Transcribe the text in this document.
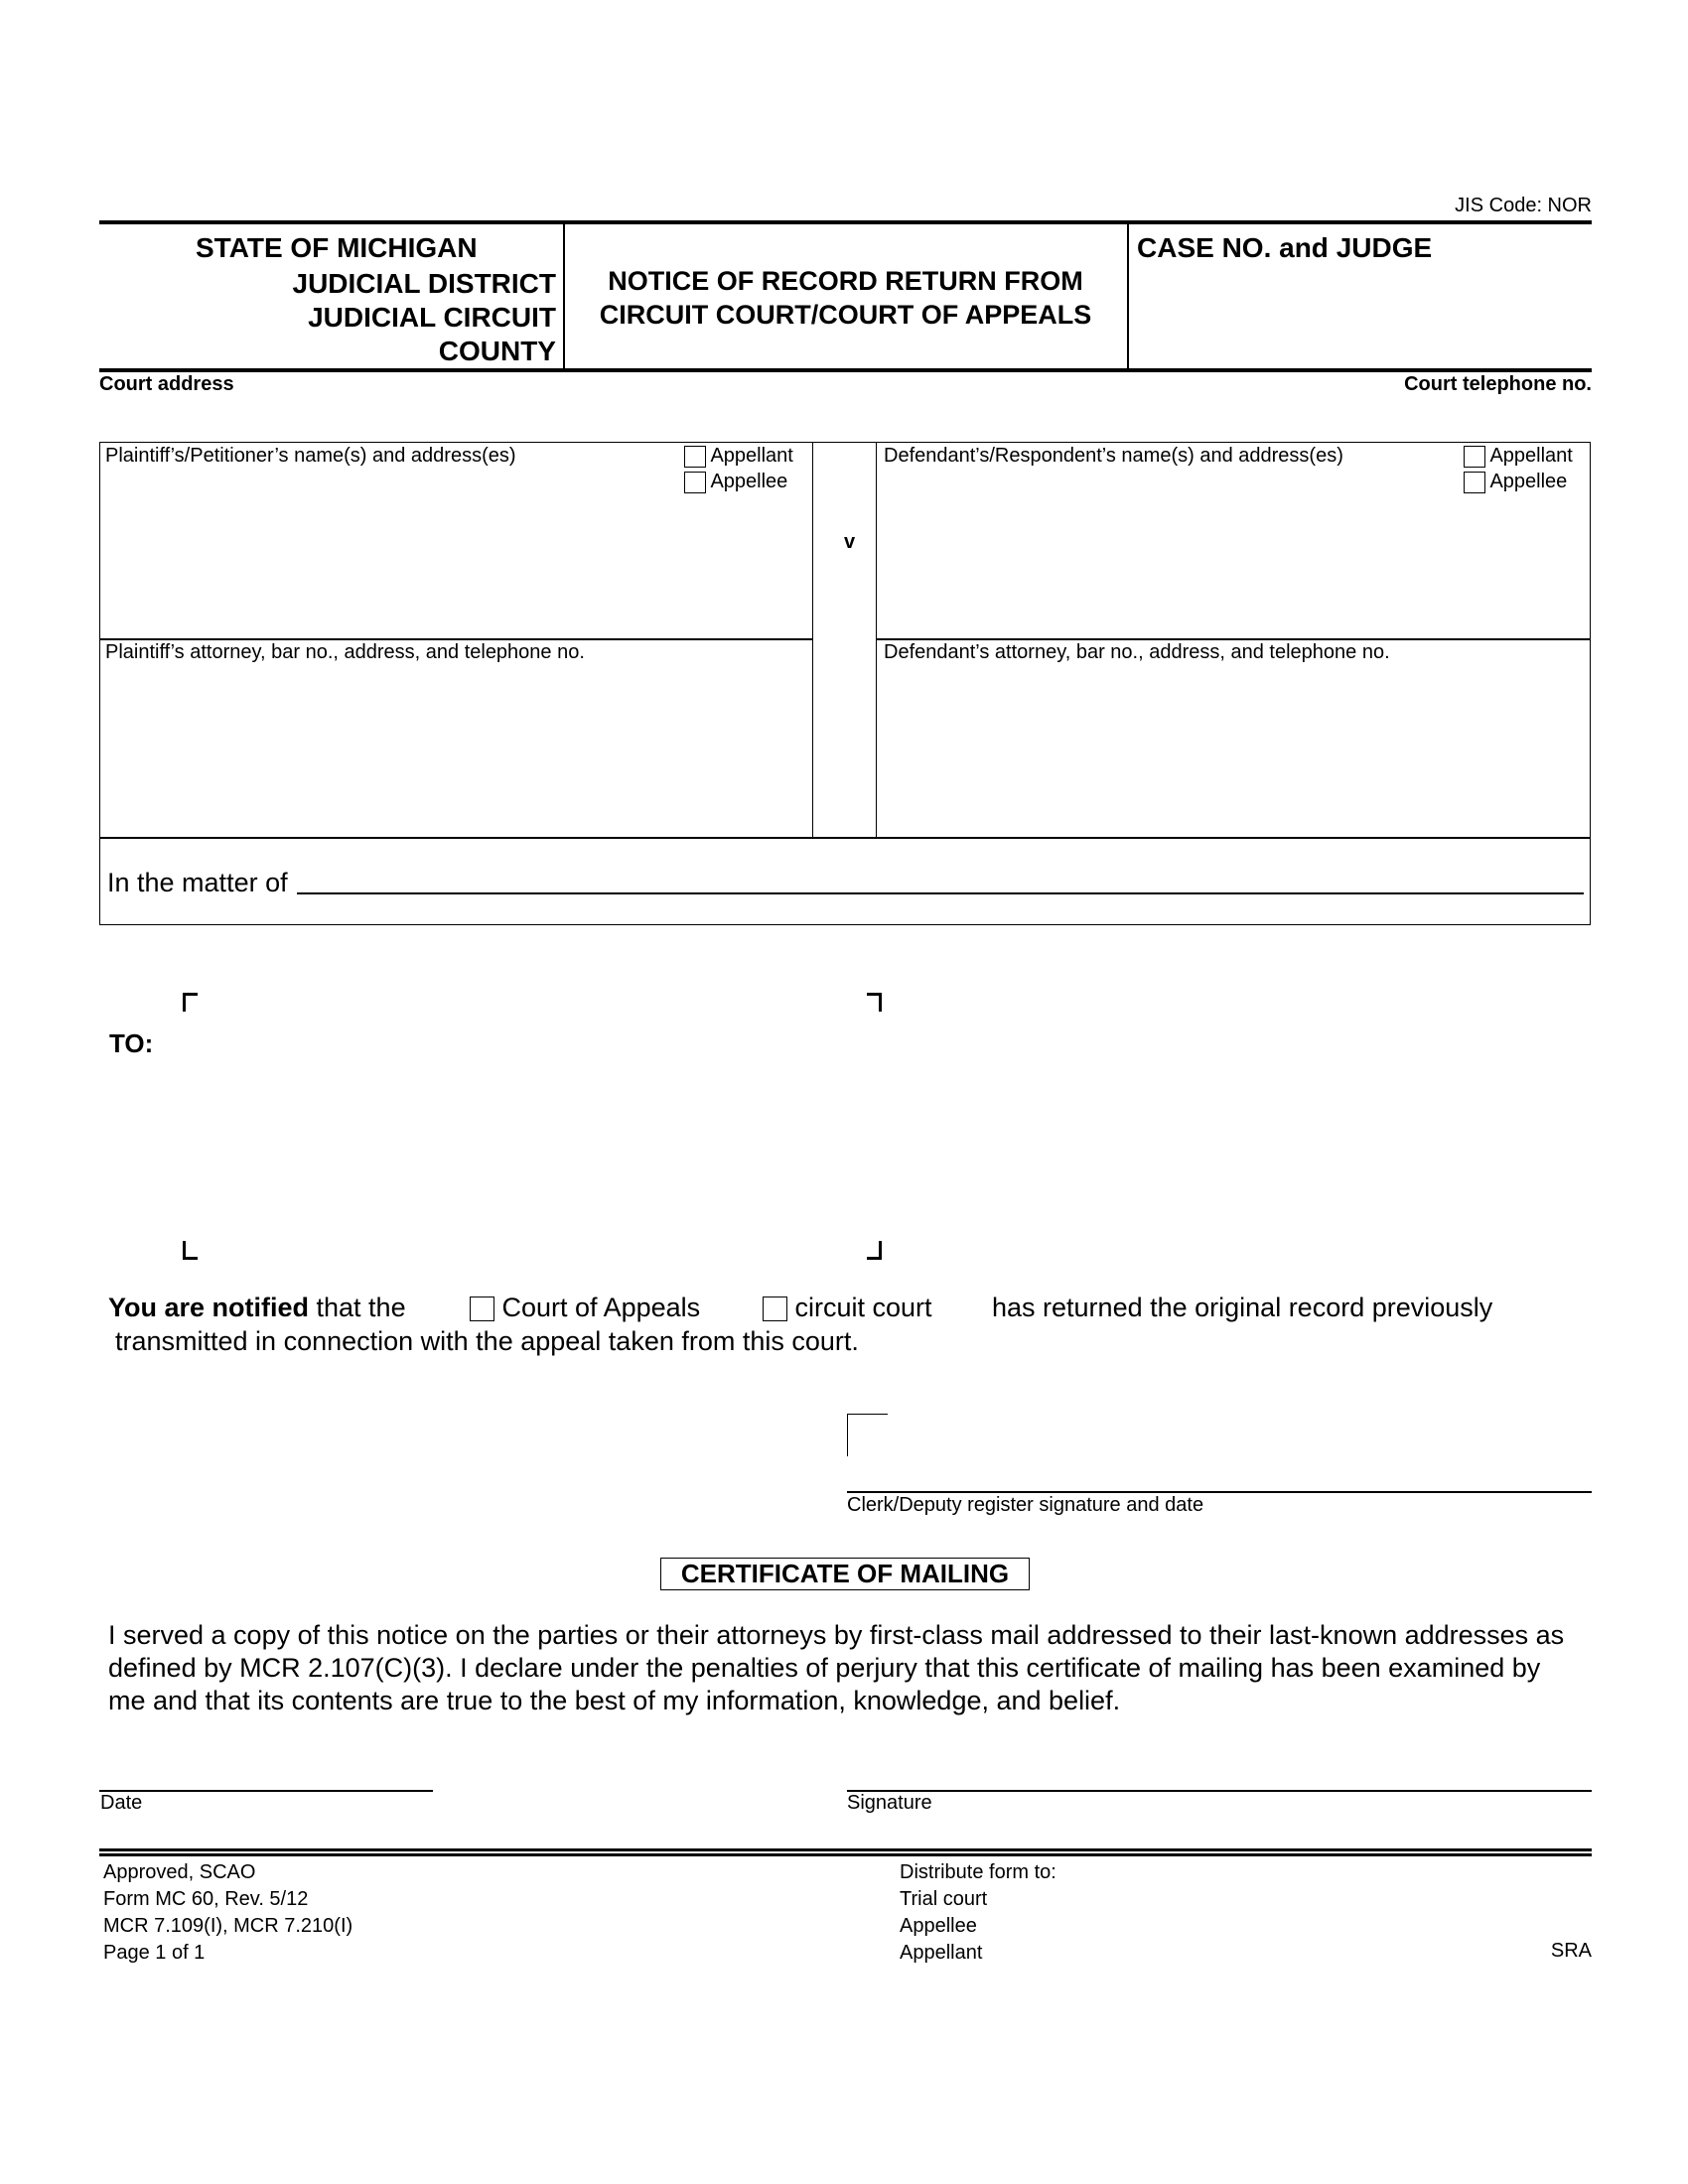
JIS Code: NOR
STATE OF MICHIGAN
JUDICIAL DISTRICT
JUDICIAL CIRCUIT
COUNTY
NOTICE OF RECORD RETURN FROM
CIRCUIT COURT/COURT OF APPEALS
CASE NO. and JUDGE
Court address	Court telephone no.
Plaintiff’s/Petitioner’s name(s) and address(es)	Appellant
Appellee
Defendant’s/Respondent’s name(s) and address(es)	Appellant
Appellee
v
Plaintiff’s attorney, bar no., address, and telephone no.	Defendant’s attorney, bar no., address, and telephone no.
In the matter of
TO:
You are notified that the	Court of Appeals	circuit court has returned the original record previously
transmitted in connection with the appeal taken from this court.
Clerk/Deputy register signature and date
CERTIFICATE OF MAILING
I served a copy of this notice on the parties or their attorneys by first-class mail addressed to their last-known addresses as
defined by MCR 2.107(C)(3). I declare under the penalties of perjury that this certificate of mailing has been examined by
me and that its contents are true to the best of my information, knowledge, and belief.
Date	Signature
Approved, SCAO
Form MC 60, Rev. 5/12
MCR 7.109(I), MCR 7.210(I)
Page 1 of 1
Distribute form to:
Trial court
Appellee
Appellant	SRA
